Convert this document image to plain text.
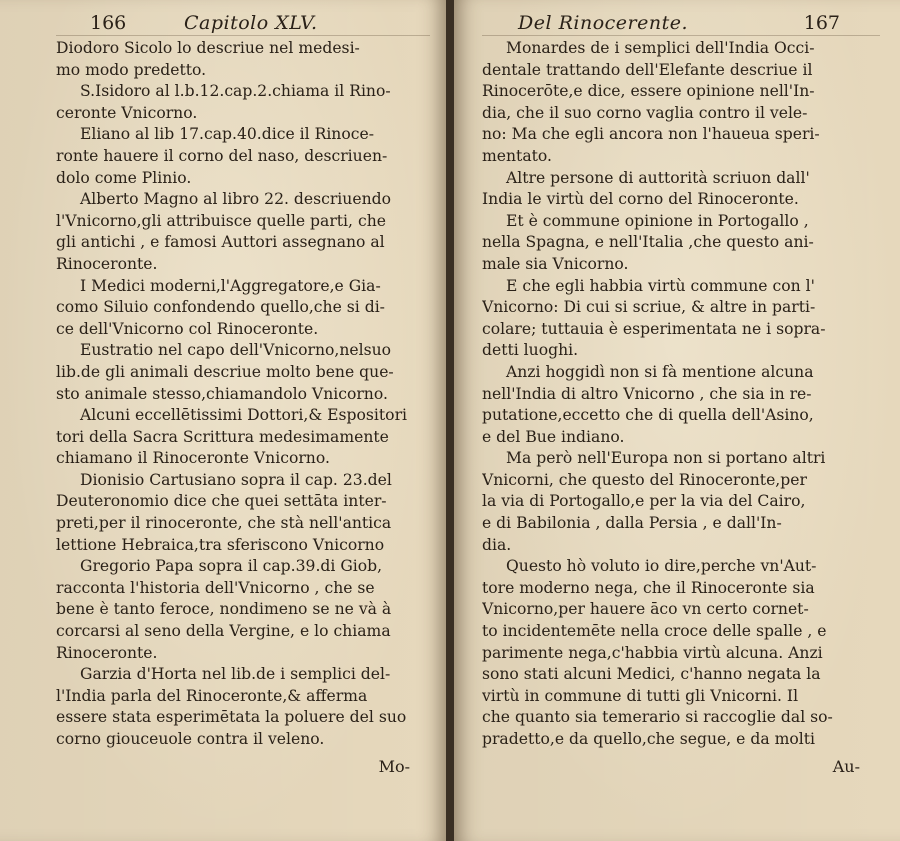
166	Capitolo XLV.
Diodoro Sicolo lo descriue nel medesi-
mo modo predetto.
S.Isidoro al l.b.12.cap.2.chiama il Rino-
ceronte Vnicorno.
Eliano al lib 17.cap.40.dice il Rinoce-
ronte hauere il corno del naso, descriuen-
dolo come Plinio.
Alberto Magno al libro 22. descriuendo
l'Vnicorno,gli attribuisce quelle parti, che
gli antichi , e famosi Auttori assegnano al
Rinoceronte.
I Medici moderni,l'Aggregatore,e Gia-
como Siluio confondendo quello,che si di-
ce dell'Vnicorno col Rinoceronte.
Eustratio nel capo dell'Vnicorno,nelsuo
lib.de gli animali descriue molto bene que-
sto animale stesso,chiamandolo Vnicorno.
Alcuni eccellētissimi Dottori,& Espositori
tori della Sacra Scrittura medesimamente
chiamano il Rinoceronte Vnicorno.
Dionisio Cartusiano sopra il cap. 23.del
Deuteronomio dice che quei settāta inter-
preti,per il rinoceronte, che stà nell'antica
lettione Hebraica,tra sferiscono Vnicorno
Gregorio Papa sopra il cap.39.di Giob,
racconta l'historia dell'Vnicorno , che se
bene è tanto feroce, nondimeno se ne và à
corcarsi al seno della Vergine, e lo chiama
Rinoceronte.
Garzia d'Horta nel lib.de i semplici del-
l'India parla del Rinoceronte,& afferma
essere stata esperimētata la poluere del suo
corno giouceuole contra il veleno.
Mo-
Del Rinocerente.	167
Monardes de i semplici dell'India Occi-
dentale trattando dell'Elefante descriue il
Rinocerōte,e dice, essere opinione nell'In-
dia, che il suo corno vaglia contro il vele-
no: Ma che egli ancora non l'haueua speri-
mentato.
Altre persone di auttorità scriuon dall'
India le virtù del corno del Rinoceronte.
Et è commune opinione in Portogallo ,
nella Spagna, e nell'Italia ,che questo ani-
male sia Vnicorno.
E che egli habbia virtù commune con l'
Vnicorno: Di cui si scriue, & altre in parti-
colare; tuttauia è esperimentata ne i sopra-
detti luoghi.
Anzi hoggidì non si fà mentione alcuna
nell'India di altro Vnicorno , che sia in re-
putatione,eccetto che di quella dell'Asino,
e del Bue indiano.
Ma però nell'Europa non si portano altri
Vnicorni, che questo del Rinoceronte,per
la via di Portogallo,e per la via del Cairo,
e di Babilonia , dalla Persia , e dall'In-
dia.
Questo hò voluto io dire,perche vn'Aut-
tore moderno nega, che il Rinoceronte sia
Vnicorno,per hauere āco vn certo cornet-
to incidentemēte nella croce delle spalle , e
parimente nega,c'habbia virtù alcuna. Anzi
sono stati alcuni Medici, c'hanno negata la
virtù in commune di tutti gli Vnicorni. Il
che quanto sia temerario si raccoglie dal so-
pradetto,e da quello,che segue, e da molti
Au-
